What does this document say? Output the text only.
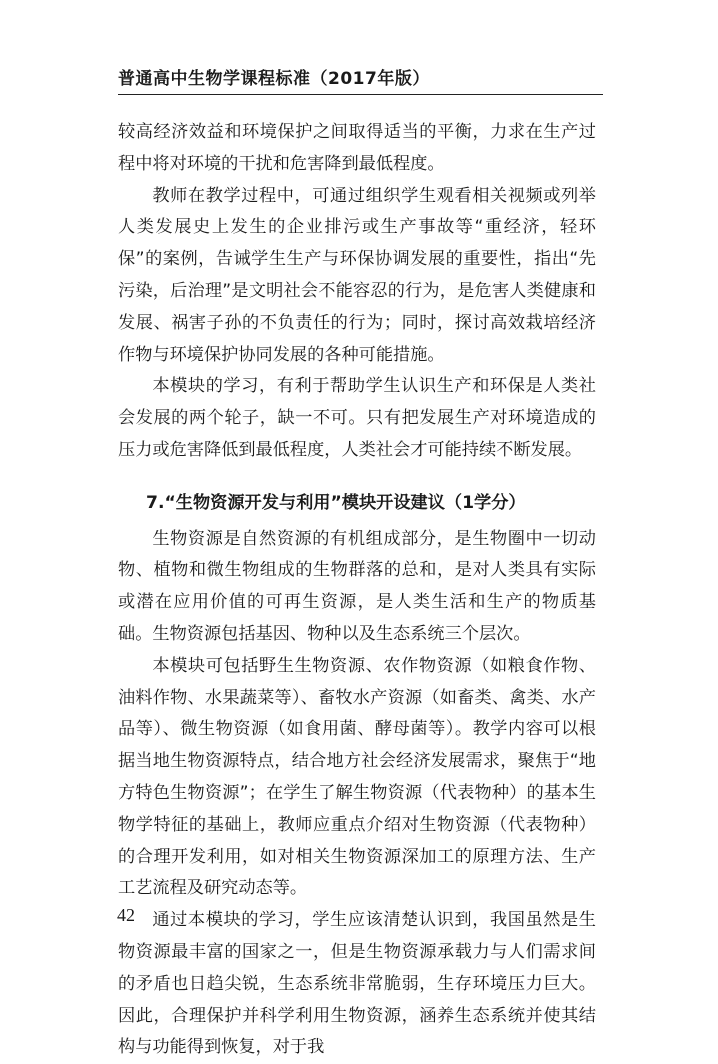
普通高中生物学课程标准（2017年版）

较高经济效益和环境保护之间取得适当的平衡，力求在生产过程中将对环境的干扰和危害降到最低程度。

教师在教学过程中，可通过组织学生观看相关视频或列举人类发展史上发生的企业排污或生产事故等“重经济，轻环保”的案例，告诫学生生产与环保协调发展的重要性，指出“先污染，后治理”是文明社会不能容忍的行为，是危害人类健康和发展、祸害子孙的不负责任的行为；同时，探讨高效栽培经济作物与环境保护协同发展的各种可能措施。

本模块的学习，有利于帮助学生认识生产和环保是人类社会发展的两个轮子，缺一不可。只有把发展生产对环境造成的压力或危害降低到最低程度，人类社会才可能持续不断发展。

7.“生物资源开发与利用”模块开设建议（1学分）

生物资源是自然资源的有机组成部分，是生物圈中一切动物、植物和微生物组成的生物群落的总和，是对人类具有实际或潜在应用价值的可再生资源，是人类生活和生产的物质基础。生物资源包括基因、物种以及生态系统三个层次。

本模块可包括野生生物资源、农作物资源（如粮食作物、油料作物、水果蔬菜等）、畜牧水产资源（如畜类、禽类、水产品等）、微生物资源（如食用菌、酵母菌等）。教学内容可以根据当地生物资源特点，结合地方社会经济发展需求，聚焦于“地方特色生物资源”；在学生了解生物资源（代表物种）的基本生物学特征的基础上，教师应重点介绍对生物资源（代表物种）的合理开发利用，如对相关生物资源深加工的原理方法、生产工艺流程及研究动态等。

通过本模块的学习，学生应该清楚认识到，我国虽然是生物资源最丰富的国家之一，但是生物资源承载力与人们需求间的矛盾也日趋尖锐，生态系统非常脆弱，生存环境压力巨大。因此，合理保护并科学利用生物资源，涵养生态系统并使其结构与功能得到恢复，对于我

42
